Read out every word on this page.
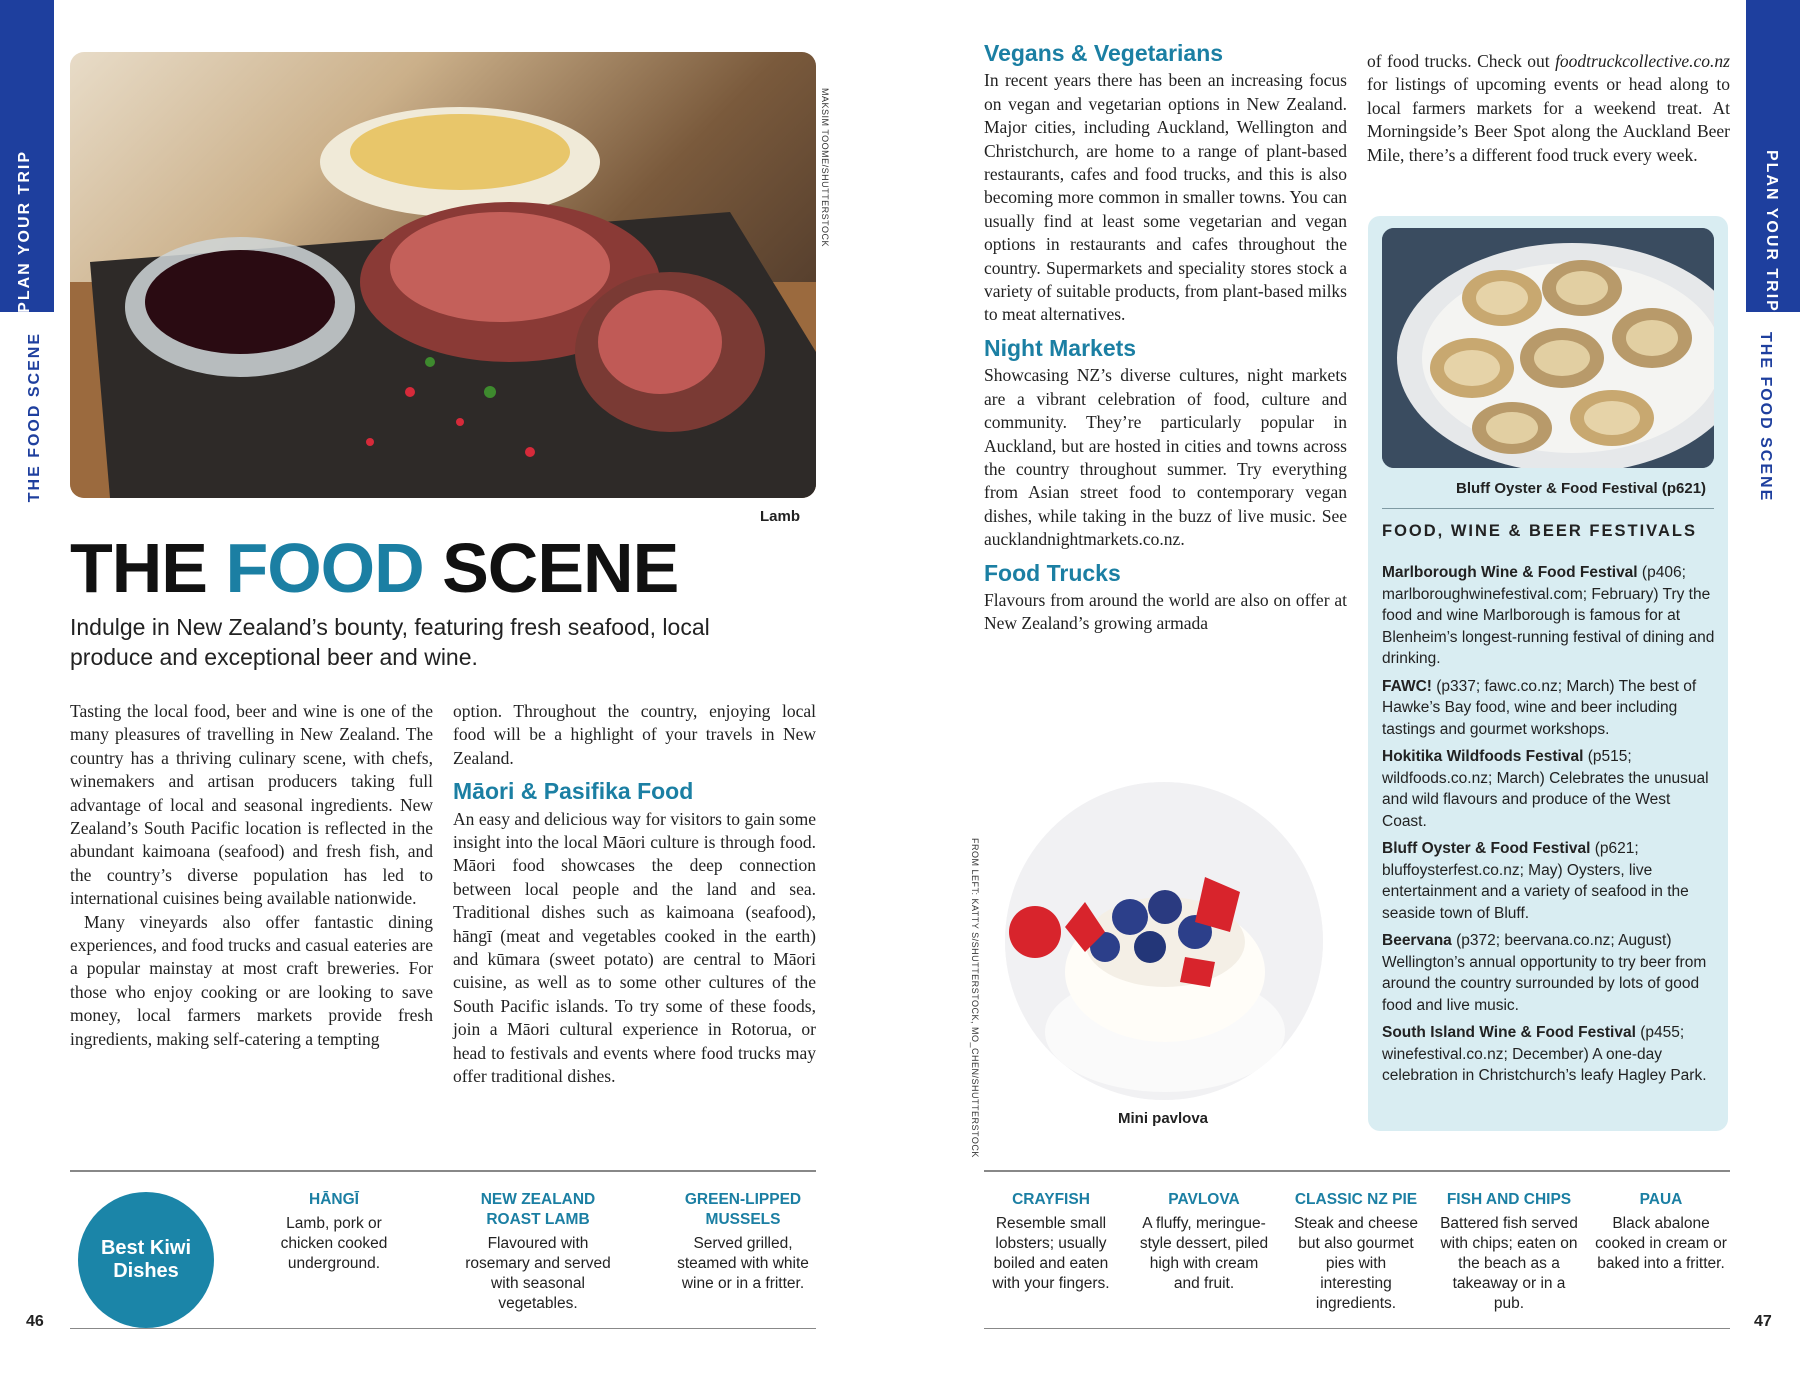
PLAN YOUR TRIP
THE FOOD SCENE
PLAN YOUR TRIP
THE FOOD SCENE
MAKSIM TOOME/SHUTTERSTOCK
Lamb
THE FOOD SCENE
Indulge in New Zealand’s bounty, featuring fresh seafood, local produce and exceptional beer and wine.

Tasting the local food, beer and wine is one of the many pleasures of travelling in New Zealand. The country has a thriving culinary scene, with chefs, winemakers and artisan producers taking full advantage of local and seasonal ingredients. New Zealand’s South Pacific location is reflected in the abundant kaimoana (seafood) and fresh fish, and the country’s diverse population has led to international cuisines being available nationwide.

Many vineyards also offer fantastic dining experiences, and food trucks and casual eateries are a popular mainstay at most craft breweries. For those who enjoy cooking or are looking to save money, local farmers markets provide fresh ingredients, making self-catering a tempting

option. Throughout the country, enjoying local food will be a highlight of your travels in New Zealand.

Māori & Pasifika Food

An easy and delicious way for visitors to gain some insight into the local Māori culture is through food. Māori food showcases the deep connection between local people and the land and sea. Traditional dishes such as kaimoana (seafood), hāngī (meat and vegetables cooked in the earth) and kūmara (sweet potato) are central to Māori cuisine, as well as to some other cultures of the South Pacific islands. To try some of these foods, join a Māori cultural experience in Rotorua, or head to festivals and events where food trucks may offer traditional dishes.

Vegans & Vegetarians

In recent years there has been an increasing focus on vegan and vegetarian options in New Zealand. Major cities, including Auckland, Wellington and Christchurch, are home to a range of plant-based restaurants, cafes and food trucks, and this is also becoming more common in smaller towns. You can usually find at least some vegetarian and vegan options in restaurants and cafes throughout the country. Supermarkets and speciality stores stock a variety of suitable products, from plant-based milks to meat alternatives.

Night Markets

Showcasing NZ’s diverse cultures, night markets are a vibrant celebration of food, culture and community. They’re particularly popular in Auckland, but are hosted in cities and towns across the country throughout summer. Try everything from Asian street food to contemporary vegan dishes, while taking in the buzz of live music. See aucklandnightmarkets.co.nz.

Food Trucks

Flavours from around the world are also on offer at New Zealand’s growing armada

of food trucks. Check out foodtruckcollective.co.nz for listings of upcoming events or head along to local farmers markets for a weekend treat. At Morningside’s Beer Spot along the Auckland Beer Mile, there’s a different food truck every week.

FROM LEFT: KATTY S/SHUTTERSTOCK, MO_CHEN/SHUTTERSTOCK	Mini pavlova
Bluff Oyster & Food Festival (p621)
FOOD, WINE & BEER FESTIVALS
Marlborough Wine & Food Festival (p406; marlboroughwinefestival.com; February) Try the food and wine Marlborough is famous for at Blenheim’s longest-running festival of dining and drinking.
FAWC! (p337; fawc.co.nz; March) The best of Hawke’s Bay food, wine and beer including tastings and gourmet workshops.
Hokitika Wildfoods Festival (p515; wildfoods.co.nz; March) Celebrates the unusual and wild flavours and produce of the West Coast.
Bluff Oyster & Food Festival (p621; bluffoysterfest.co.nz; May) Oysters, live entertainment and a variety of seafood in the seaside town of Bluff.
Beervana (p372; beervana.co.nz; August) Wellington’s annual opportunity to try beer from around the country surrounded by lots of good food and live music.
South Island Wine & Food Festival (p455; winefestival.co.nz; December) A one-day celebration in Christchurch’s leafy Hagley Park.
Best Kiwi Dishes
HĀNGĪ
Lamb, pork or chicken cooked underground.
NEW ZEALAND ROAST LAMB
Flavoured with rosemary and served with seasonal vegetables.
GREEN-LIPPED MUSSELS
Served grilled, steamed with white wine or in a fritter.
CRAYFISH
Resemble small lobsters; usually boiled and eaten with your fingers.
PAVLOVA
A fluffy, meringue-style dessert, piled high with cream and fruit.
CLASSIC NZ PIE
Steak and cheese but also gourmet pies with interesting ingredients.
FISH AND CHIPS
Battered fish served with chips; eaten on the beach as a takeaway or in a pub.
PAUA
Black abalone cooked in cream or baked into a fritter.
46	47
